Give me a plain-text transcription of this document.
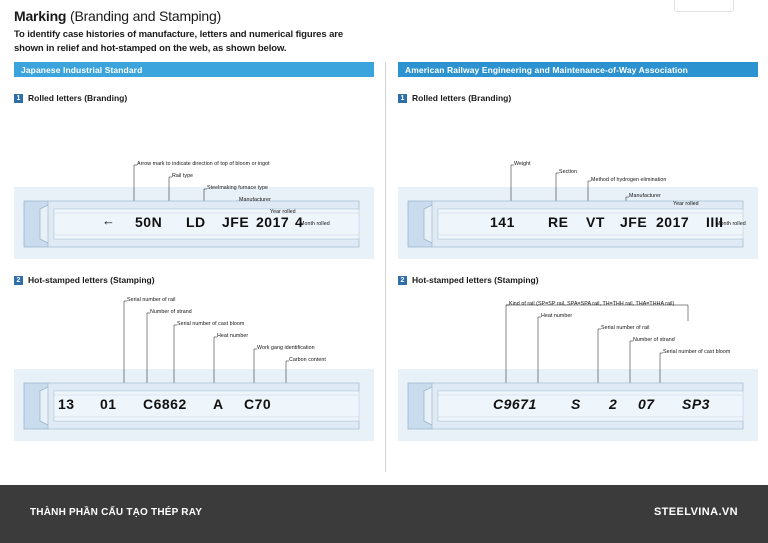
Marking (Branding and Stamping)

To identify case histories of manufacture, letters and numerical figures are shown in relief and hot-stamped on the web, as shown below.

Japanese Industrial Standard
1 Rolled letters (Branding)
Arrow mark to indicate direction of top of bloom or ingot
Rail type
Steelmaking furnace type
Manufacturer
Year rolled
Month rolled
← 50N LD JFE 2017 4
2 Hot-stamped letters (Stamping)
Serial number of rail
Number of strand
Serial number of cast bloom
Heat number
Work gang identification
Carbon content
13 01 C6862 A C70
American Railway Engineering and Maintenance-of-Way Association
1 Rolled letters (Branding)
Weight
Section
Method of hydrogen elimination
Manufacturer
Year rolled
Month rolled
141 RE VT JFE 2017 IIII
2 Hot-stamped letters (Stamping)
Kind of rail (SP=SP rail, SPA=SPA rail, TH=THH rail, THA=THHA rail)
Heat number
Serial number of rail
Number of strand
Serial number of cast bloom
C9671 S 2 07 SP3
THÀNH PHẦN CẤU TẠO THÉP RAY	STEELVINA.VN
